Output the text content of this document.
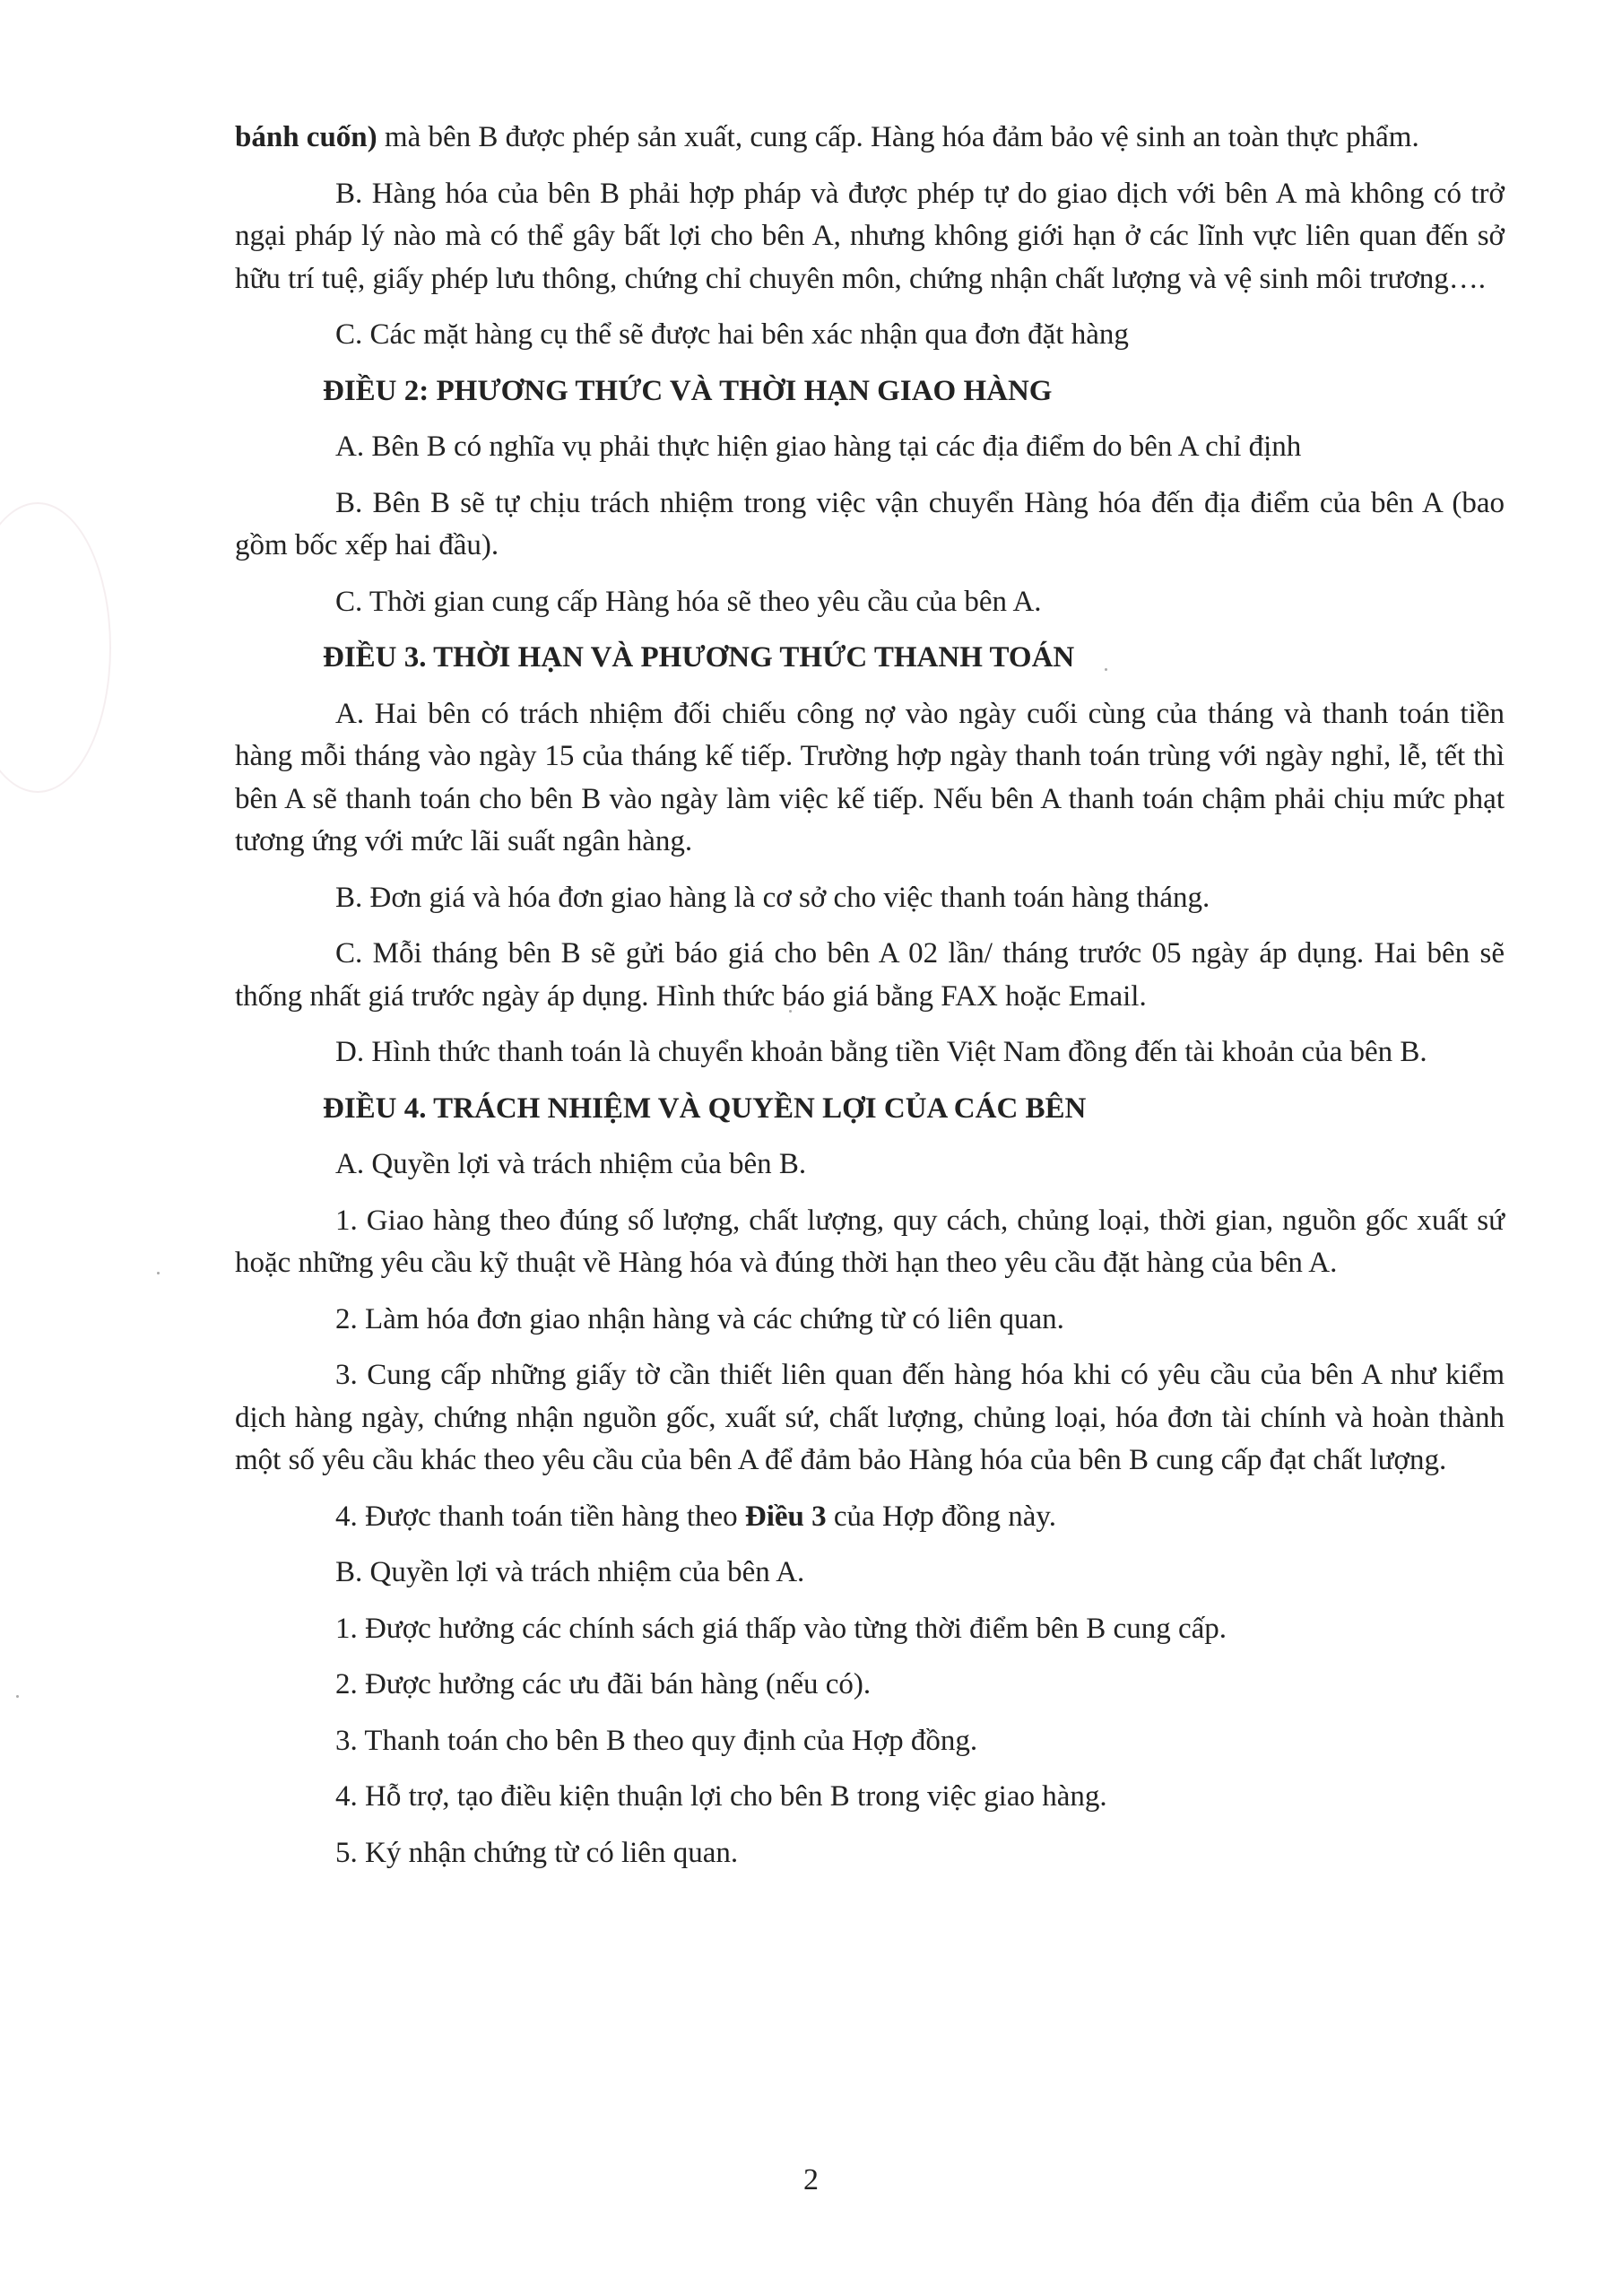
bánh cuốn) mà bên B được phép sản xuất, cung cấp. Hàng hóa đảm bảo vệ sinh an toàn thực phẩm.

B. Hàng hóa của bên B phải hợp pháp và được phép tự do giao dịch với bên A mà không có trở ngại pháp lý nào mà có thể gây bất lợi cho bên A, nhưng không giới hạn ở các lĩnh vực liên quan đến sở hữu trí tuệ, giấy phép lưu thông, chứng chỉ chuyên môn, chứng nhận chất lượng và vệ sinh môi trương….

C. Các mặt hàng cụ thể sẽ được hai bên xác nhận qua đơn đặt hàng

ĐIỀU 2: PHƯƠNG THỨC VÀ THỜI HẠN GIAO HÀNG

A. Bên B có nghĩa vụ phải thực hiện giao hàng tại các địa điểm do bên A chỉ định

B. Bên B sẽ tự chịu trách nhiệm trong việc vận chuyển Hàng hóa đến địa điểm của bên A (bao gồm bốc xếp hai đầu).

C. Thời gian cung cấp Hàng hóa sẽ theo yêu cầu của bên A.

ĐIỀU 3. THỜI HẠN VÀ PHƯƠNG THỨC THANH TOÁN

A. Hai bên có trách nhiệm đối chiếu công nợ vào ngày cuối cùng của tháng và thanh toán tiền hàng mỗi tháng vào ngày 15 của tháng kế tiếp. Trường hợp ngày thanh toán trùng với ngày nghỉ, lễ, tết thì bên A sẽ thanh toán cho bên B vào ngày làm việc kế tiếp. Nếu bên A thanh toán chậm phải chịu mức phạt tương ứng với mức lãi suất ngân hàng.

B. Đơn giá và hóa đơn giao hàng là cơ sở cho việc thanh toán hàng tháng.

C. Mỗi tháng bên B sẽ gửi báo giá cho bên A 02 lần/ tháng trước 05 ngày áp dụng. Hai bên sẽ thống nhất giá trước ngày áp dụng. Hình thức báo giá bằng FAX hoặc Email.

D. Hình thức thanh toán là chuyển khoản bằng tiền Việt Nam đồng đến tài khoản của bên B.

ĐIỀU 4. TRÁCH NHIỆM VÀ QUYỀN LỢI CỦA CÁC BÊN

A. Quyền lợi và trách nhiệm của bên B.

1. Giao hàng theo đúng số lượng, chất lượng, quy cách, chủng loại, thời gian, nguồn gốc xuất sứ hoặc những yêu cầu kỹ thuật về Hàng hóa và đúng thời hạn theo yêu cầu đặt hàng của bên A.

2. Làm hóa đơn giao nhận hàng và các chứng từ có liên quan.

3. Cung cấp những giấy tờ cần thiết liên quan đến hàng hóa khi có yêu cầu của bên A như kiểm dịch hàng ngày, chứng nhận nguồn gốc, xuất sứ, chất lượng, chủng loại, hóa đơn tài chính và hoàn thành một số yêu cầu khác theo yêu cầu của bên A để đảm bảo Hàng hóa của bên B cung cấp đạt chất lượng.

4. Được thanh toán tiền hàng theo Điều 3 của Hợp đồng này.

B. Quyền lợi và trách nhiệm của bên A.

1. Được hưởng các chính sách giá thấp vào từng thời điểm bên B cung cấp.

2. Được hưởng các ưu đãi bán hàng (nếu có).

3. Thanh toán cho bên B theo quy định của Hợp đồng.

4. Hỗ trợ, tạo điều kiện thuận lợi cho bên B trong việc giao hàng.

5. Ký nhận chứng từ có liên quan.

2
